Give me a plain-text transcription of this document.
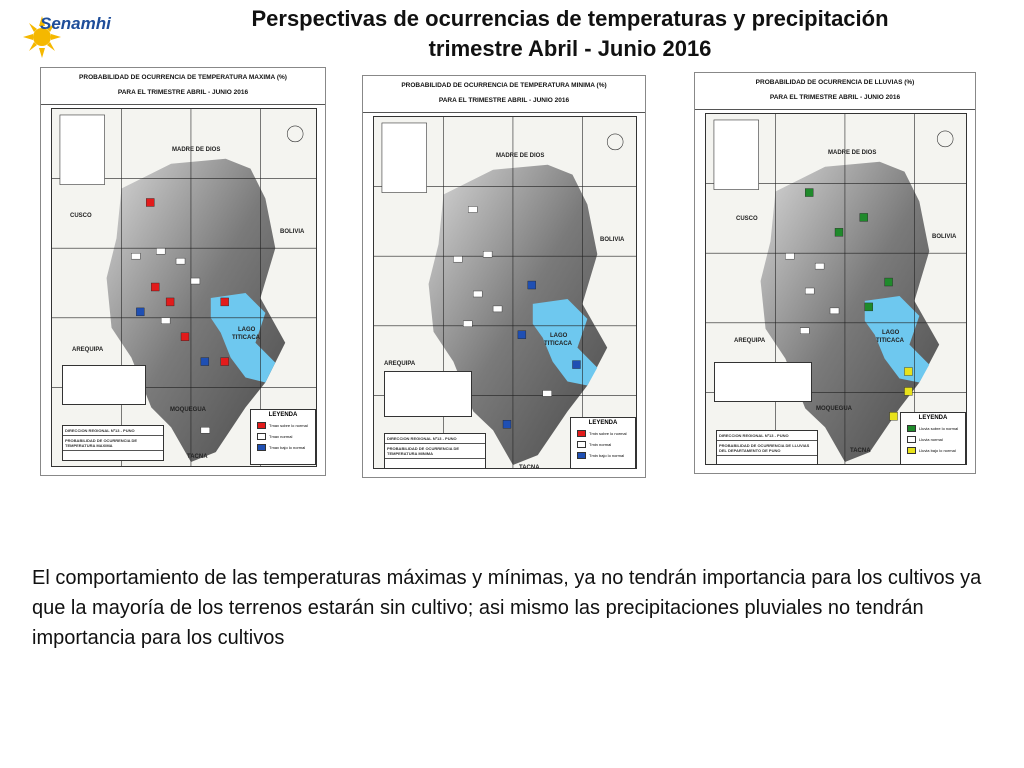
Senamhi	Perspectivas de ocurrencias de temperaturas y precipitación
trimestre Abril - Junio 2016
PROBABILIDAD DE OCURRENCIA DE TEMPERATURA MAXIMA (%)
PARA EL TRIMESTRE ABRIL - JUNIO 2016
MADRE DE DIOS
CUSCO
BOLIVIA
AREQUIPA
LAGO
TITICACA
MOQUEGUA
TACNA
DIRECCION REGIONAL Nº13 - PUNO
PROBABILIDAD DE OCURRENCIA DE TEMPERATURA MAXIMA
LEYENDA
Tmax sobre lo normal
Tmax normal
Tmax bajo lo normal
PROBABILIDAD DE OCURRENCIA DE TEMPERATURA MINIMA (%)
PARA EL TRIMESTRE ABRIL - JUNIO 2016
MADRE DE DIOS
BOLIVIA
AREQUIPA
LAGO
TITICACA
TACNA
DIRECCION REGIONAL Nº13 - PUNO
PROBABILIDAD DE OCURRENCIA DE TEMPERATURA MINIMA
LEYENDA
Tmin sobre lo normal
Tmin normal
Tmin bajo lo normal
PROBABILIDAD DE OCURRENCIA DE LLUVIAS (%)
PARA EL TRIMESTRE ABRIL - JUNIO 2016
MADRE DE DIOS
CUSCO
BOLIVIA
AREQUIPA
LAGO
TITICACA
MOQUEGUA
TACNA
DIRECCION REGIONAL Nº13 - PUNO
PROBABILIDAD DE OCURRENCIA DE LLUVIAS DEL DEPARTAMENTO DE PUNO
LEYENDA
Lluvia sobre lo normal
Lluvia normal
Lluvia bajo lo normal
El comportamiento de las temperaturas máximas y mínimas, ya no tendrán importancia para los cultivos ya que la mayoría de los terrenos estarán sin cultivo; asi mismo las precipitaciones pluviales no tendrán importancia para los cultivos
